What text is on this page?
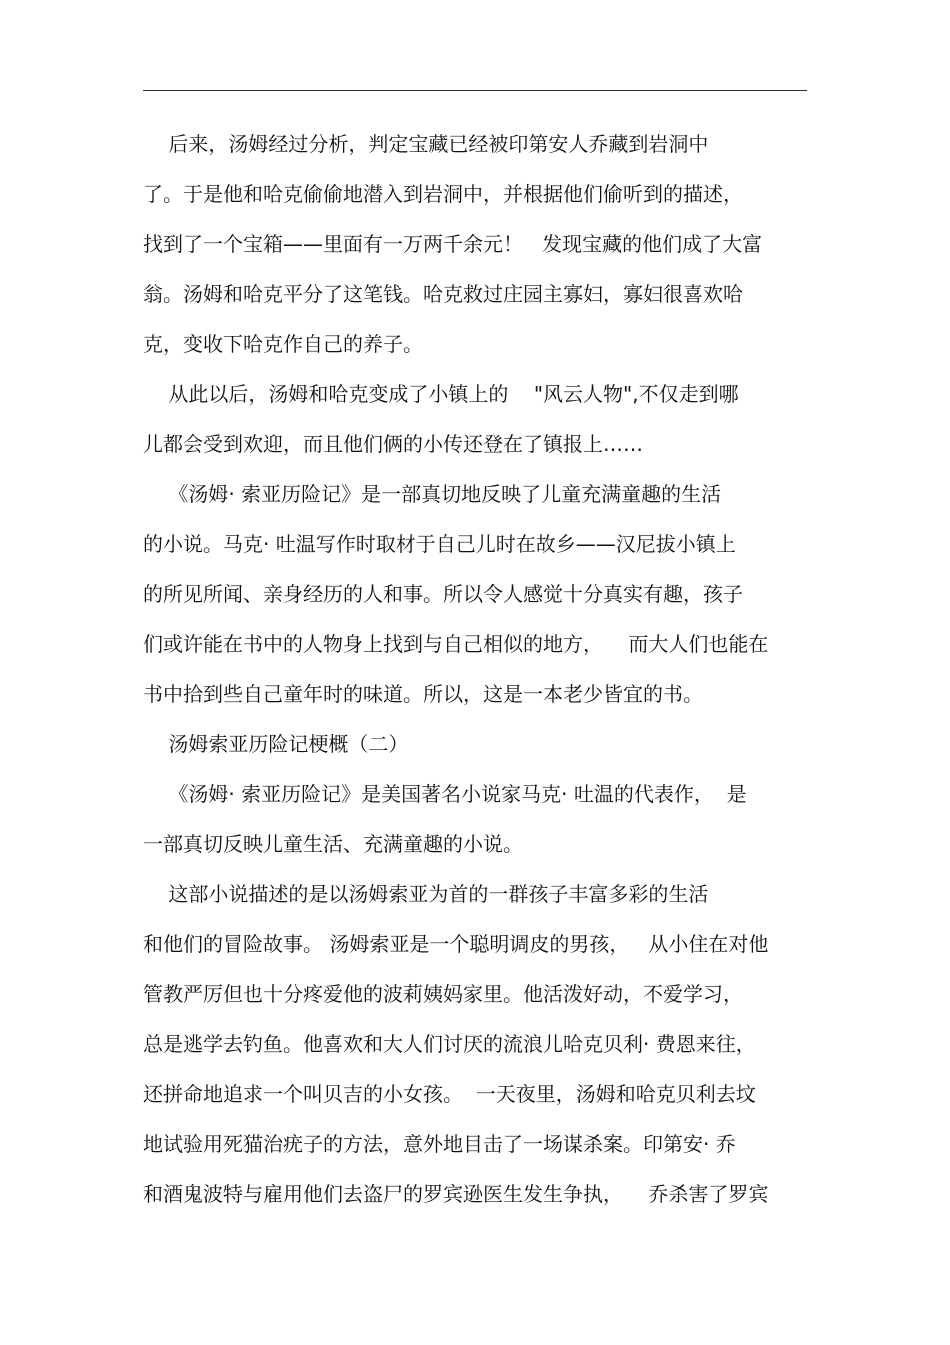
后来，汤姆经过分析，判定宝藏已经被印第安人乔藏到岩洞中
了。于是他和哈克偷偷地潜入到岩洞中，并根据他们偷听到的描述，
找到了一个宝箱——里面有一万两千余元！   发现宝藏的他们成了大富
翁。汤姆和哈克平分了这笔钱。哈克救过庄园主寡妇，寡妇很喜欢哈
克，变收下哈克作自己的养子。
从此以后，汤姆和哈克变成了小镇上的    "风云人物",不仅走到哪
儿都会受到欢迎，而且他们俩的小传还登在了镇报上……
《汤姆· 索亚历险记》是一部真切地反映了儿童充满童趣的生活
的小说。马克· 吐温写作时取材于自己儿时在故乡——汉尼拔小镇上
的所见所闻、亲身经历的人和事。所以令人感觉十分真实有趣，孩子
们或许能在书中的人物身上找到与自己相似的地方，    而大人们也能在
书中拾到些自己童年时的味道。所以，这是一本老少皆宜的书。
汤姆索亚历险记梗概（二）
《汤姆· 索亚历险记》是美国著名小说家马克· 吐温的代表作，  是
一部真切反映儿童生活、充满童趣的小说。
这部小说描述的是以汤姆索亚为首的一群孩子丰富多彩的生活
和他们的冒险故事。 汤姆索亚是一个聪明调皮的男孩，   从小住在对他
管教严厉但也十分疼爱他的波莉姨妈家里。他活泼好动，不爱学习，
总是逃学去钓鱼。他喜欢和大人们讨厌的流浪儿哈克贝利· 费恩来往，
还拼命地追求一个叫贝吉的小女孩。  一天夜里，汤姆和哈克贝利去坟
地试验用死猫治疣子的方法，意外地目击了一场谋杀案。印第安· 乔
和酒鬼波特与雇用他们去盗尸的罗宾逊医生发生争执，    乔杀害了罗宾
